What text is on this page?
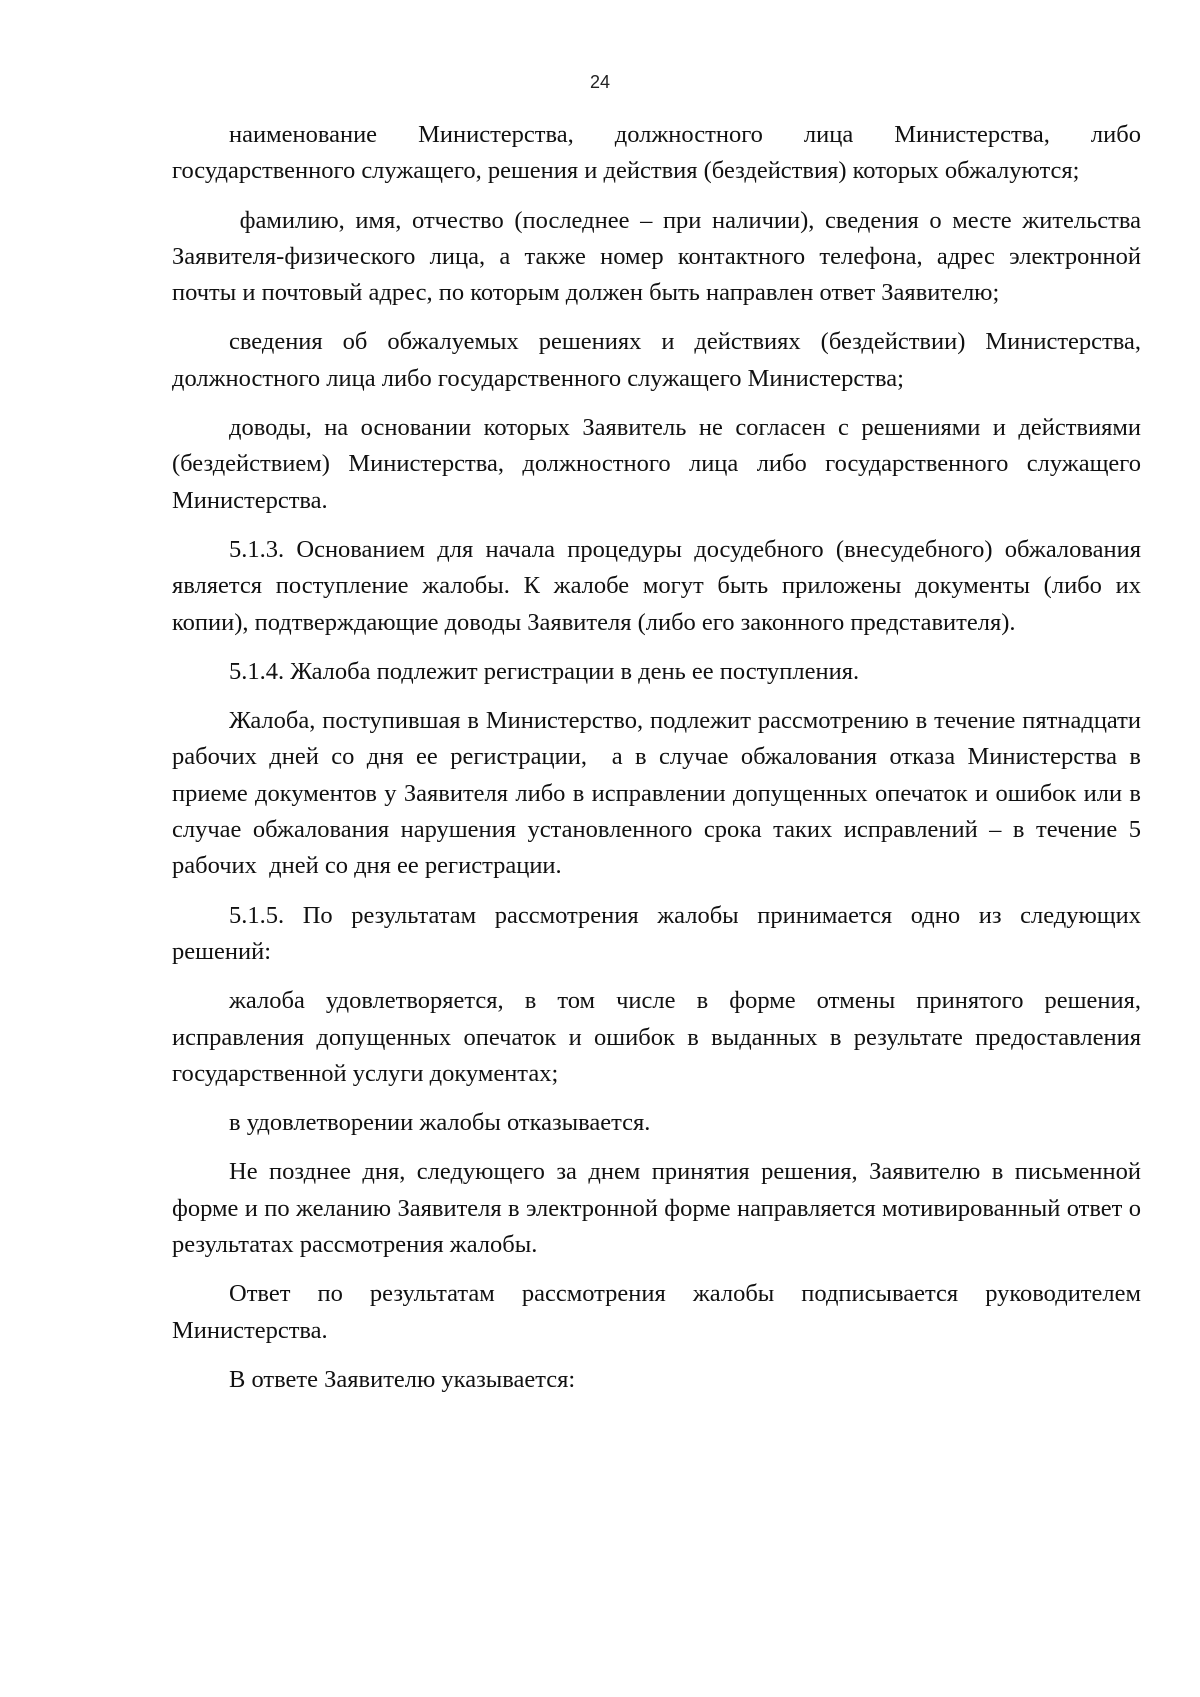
24

наименование Министерства, должностного лица Министерства, либо государственного служащего, решения и действия (бездействия) которых обжалуются;

фамилию, имя, отчество (последнее – при наличии), сведения о месте жительства Заявителя-физического лица, а также номер контактного телефона, адрес электронной почты и почтовый адрес, по которым должен быть направлен ответ Заявителю;

сведения об обжалуемых решениях и действиях (бездействии) Министерства, должностного лица либо государственного служащего Министерства;

доводы, на основании которых Заявитель не согласен с решениями и действиями (бездействием) Министерства, должностного лица либо государственного служащего Министерства.

5.1.3. Основанием для начала процедуры досудебного (внесудебного) обжалования является поступление жалобы. К жалобе могут быть приложены документы (либо их копии), подтверждающие доводы Заявителя (либо его законного представителя).

5.1.4. Жалоба подлежит регистрации в день ее поступления.

Жалоба, поступившая в Министерство, подлежит рассмотрению в течение пятнадцати рабочих дней со дня ее регистрации,  а в случае обжалования отказа Министерства в приеме документов у Заявителя либо в исправлении допущенных опечаток и ошибок или в случае обжалования нарушения установленного срока таких исправлений – в течение 5 рабочих  дней со дня ее регистрации.

5.1.5. По результатам рассмотрения жалобы принимается одно из следующих решений:

жалоба удовлетворяется, в том числе в форме отмены принятого решения, исправления допущенных опечаток и ошибок в выданных в результате предоставления государственной услуги документах;

в удовлетворении жалобы отказывается.

Не позднее дня, следующего за днем принятия решения, Заявителю в письменной форме и по желанию Заявителя в электронной форме направляется мотивированный ответ о результатах рассмотрения жалобы.

Ответ по результатам рассмотрения жалобы подписывается руководителем Министерства.

В ответе Заявителю указывается:
